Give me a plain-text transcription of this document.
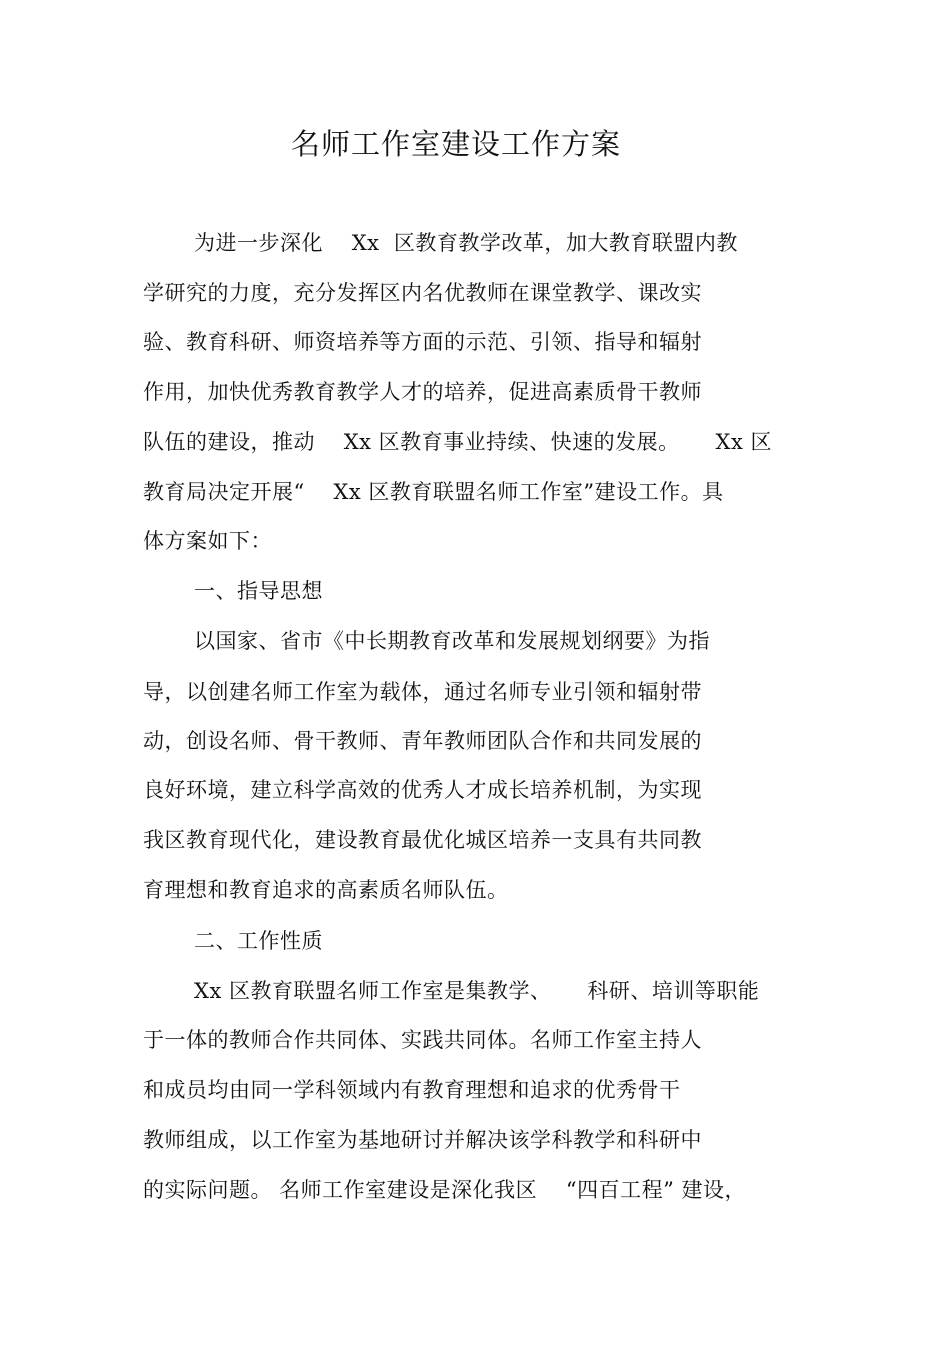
名师工作室建设工作方案
为进一步深化    Xx  区教育教学改革，加大教育联盟内教
学研究的力度，充分发挥区内名优教师在课堂教学、课改实
验、教育科研、师资培养等方面的示范、引领、指导和辐射
作用，加快优秀教育教学人才的培养，促进高素质骨干教师
队伍的建设，推动    Xx 区教育事业持续、快速的发展。     Xx 区
教育局决定开展“    Xx 区教育联盟名师工作室”建设工作。具
体方案如下：
一、指导思想
以国家、省市《中长期教育改革和发展规划纲要》为指
导，以创建名师工作室为载体，通过名师专业引领和辐射带
动，创设名师、骨干教师、青年教师团队合作和共同发展的
良好环境，建立科学高效的优秀人才成长培养机制，为实现
我区教育现代化，建设教育最优化城区培养一支具有共同教
育理想和教育追求的高素质名师队伍。
二、工作性质
Xx 区教育联盟名师工作室是集教学、     科研、培训等职能
于一体的教师合作共同体、实践共同体。名师工作室主持人
和成员均由同一学科领域内有教育理想和追求的优秀骨干
教师组成，以工作室为基地研讨并解决该学科教学和科研中
的实际问题。 名师工作室建设是深化我区    “四百工程” 建设，
